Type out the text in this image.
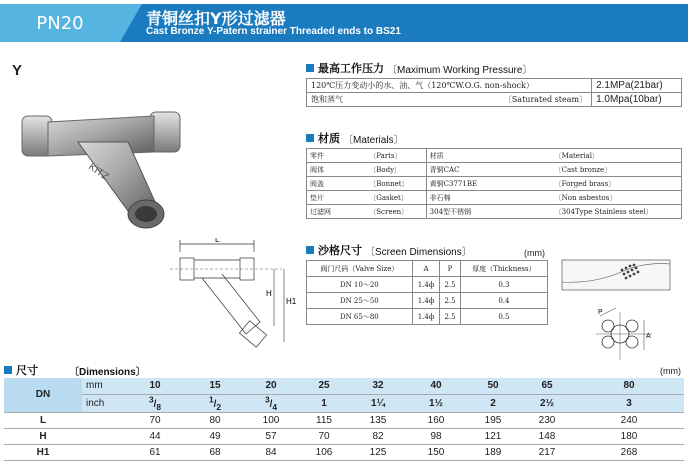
PN20	青铜丝扣Y形过滤器
Cast Bronze Y-Patern strainer Threaded ends to BS21
Y
KITZ
L
H
H1
最高工作压力 〔Maximum Working Pressure〕
120℃压力变动小的水、油、气（120℃W.O.G. non-shock）		2.1MPa(21bar)
饱和蒸气	〔Saturated steam〕	1.0Mpa(10bar)
材质 〔Materials〕
零件	〔Parts〕	材质	〔Material〕
阀体	〔Body〕	青铜CAC	〔Cast bronze〕
阀盖	〔Bonnet〕	黄铜C3771BE	〔Forged brass〕
垫片	〔Gasket〕	非石棉	〔Non asbestos〕
过滤网	〔Screen〕	304型不锈钢	〔304Type Stainless steel〕
沙格尺寸 〔Screen Dimensions〕	(mm)
阀门尺码（Valve Size）	A	P	厚度（Thickness）
DN 10～20	1.4ф	2.5	0.3
DN 25～50	1.4ф	2.5	0.4
DN 65～80	1.4ф	2.5	0.5	P
A
尺寸	〔Dimensions〕	(mm)
DN	mm	10	15	20	25	32	40	50	65	80
	inch	$^3/_8$	$^1/_2$	$^3/_4$	1	1¼	1½	2	2½	3
L		70	80	100	115	135	160	195	230	240
H		44	49	57	70	82	98	121	148	180
H1		61	68	84	106	125	150	189	217	268
